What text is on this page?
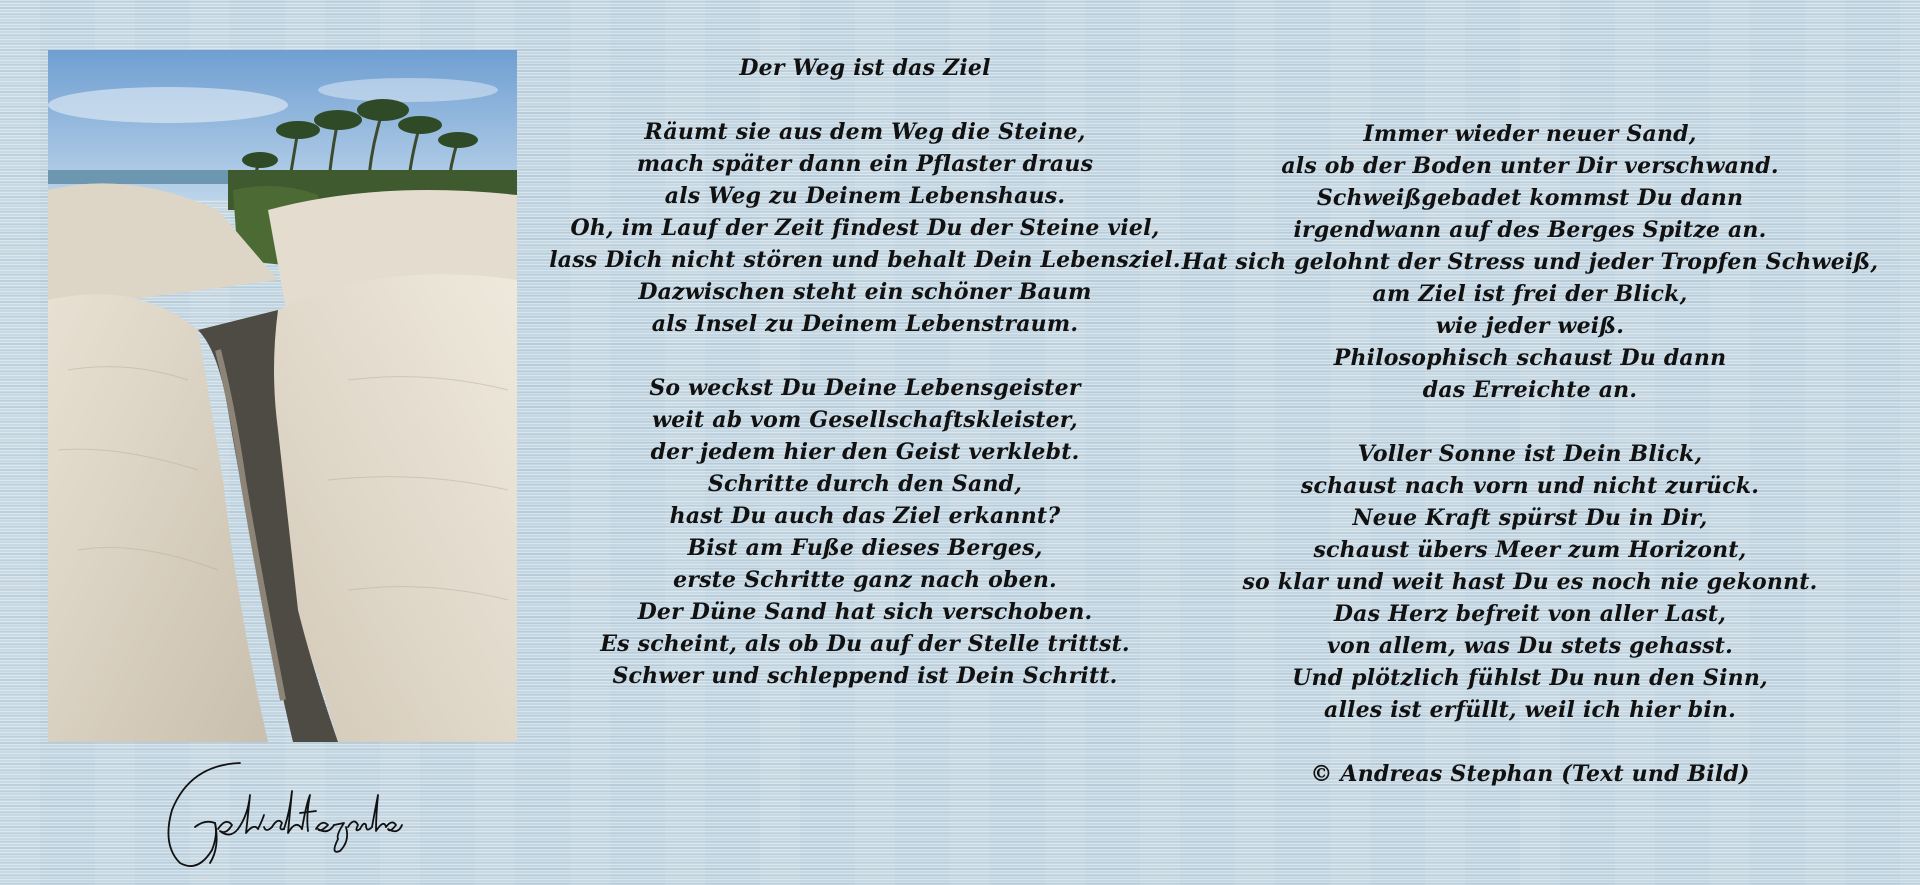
Der Weg ist das Ziel
Räumt sie aus dem Weg die Steine,
mach später dann ein Pflaster draus
als Weg zu Deinem Lebenshaus.
Oh, im Lauf der Zeit findest Du der Steine viel,
lass Dich nicht stören und behalt Dein Lebensziel.
Dazwischen steht ein schöner Baum
als Insel zu Deinem Lebenstraum.
So weckst Du Deine Lebensgeister
weit ab vom Gesellschaftskleister,
der jedem hier den Geist verklebt.
Schritte durch den Sand,
hast Du auch das Ziel erkannt?
Bist am Fuße dieses Berges,
erste Schritte ganz nach oben.
Der Düne Sand hat sich verschoben.
Es scheint, als ob Du auf der Stelle trittst.
Schwer und schleppend ist Dein Schritt.
Immer wieder neuer Sand,
als ob der Boden unter Dir verschwand.
Schweißgebadet kommst Du dann
irgendwann auf des Berges Spitze an.
Hat sich gelohnt der Stress und jeder Tropfen Schweiß,
am Ziel ist frei der Blick,
wie jeder weiß.
Philosophisch schaust Du dann
das Erreichte an.
Voller Sonne ist Dein Blick,
schaust nach vorn und nicht zurück.
Neue Kraft spürst Du in Dir,
schaust übers Meer zum Horizont,
so klar und weit hast Du es noch nie gekonnt.
Das Herz befreit von aller Last,
von allem, was Du stets gehasst.
Und plötzlich fühlst Du nun den Sinn,
alles ist erfüllt, weil ich hier bin.
© Andreas Stephan (Text und Bild)
